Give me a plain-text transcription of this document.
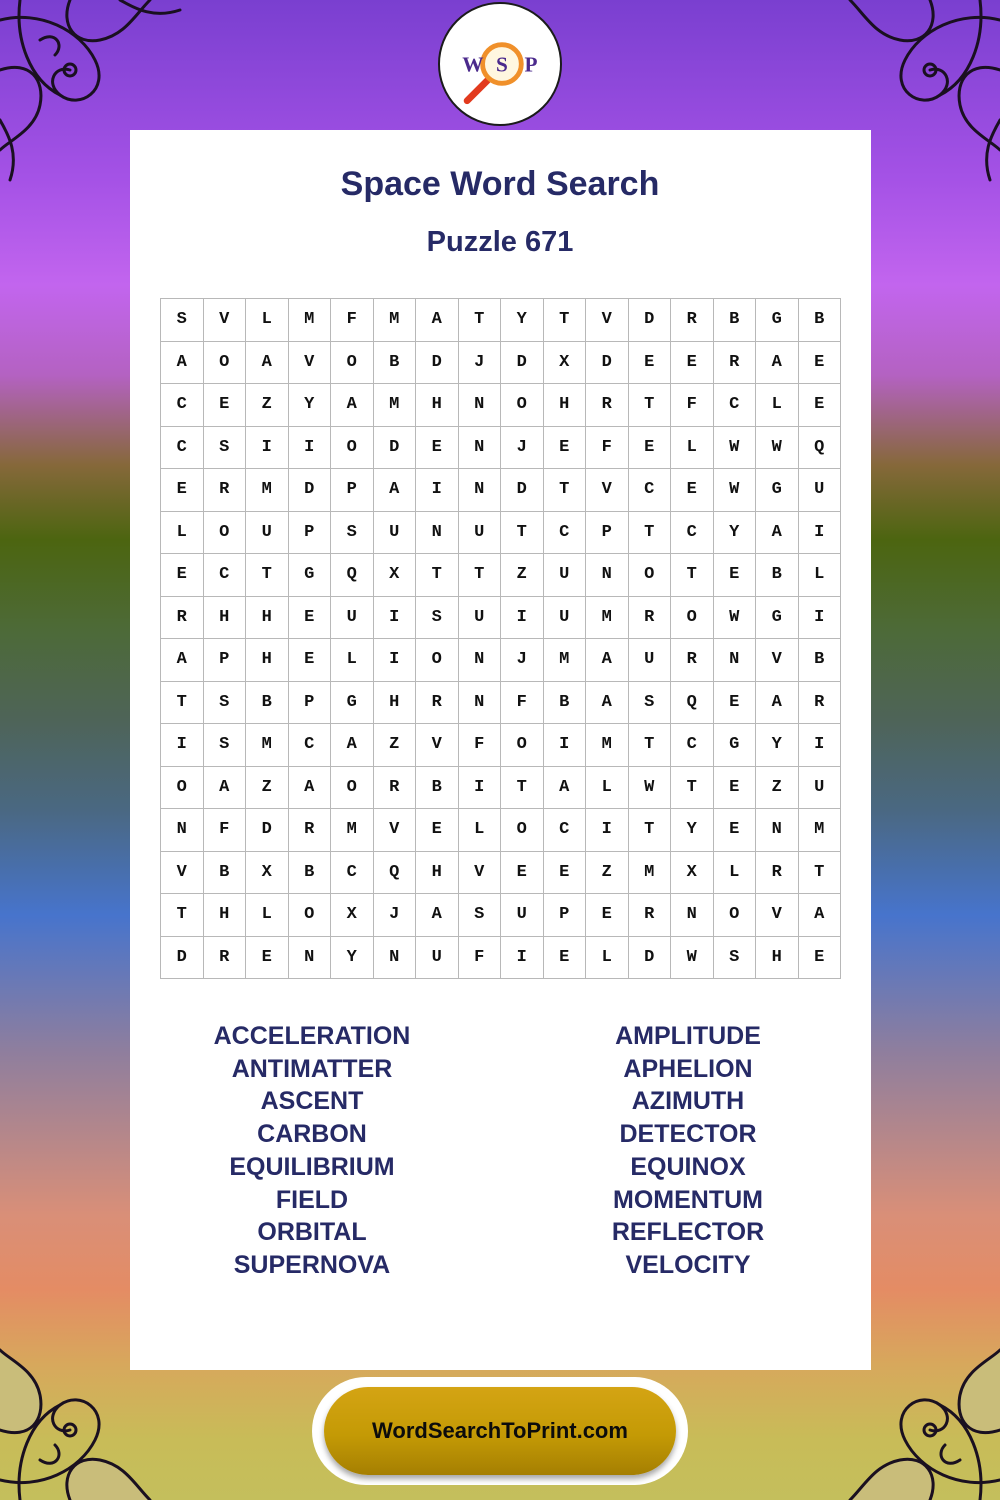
W S P
Space Word Search
Puzzle 671
S	V	L	M	F	M	A	T	Y	T	V	D	R	B	G	B
A	O	A	V	O	B	D	J	D	X	D	E	E	R	A	E
C	E	Z	Y	A	M	H	N	O	H	R	T	F	C	L	E
C	S	I	I	O	D	E	N	J	E	F	E	L	W	W	Q
E	R	M	D	P	A	I	N	D	T	V	C	E	W	G	U
L	O	U	P	S	U	N	U	T	C	P	T	C	Y	A	I
E	C	T	G	Q	X	T	T	Z	U	N	O	T	E	B	L
R	H	H	E	U	I	S	U	I	U	M	R	O	W	G	I
A	P	H	E	L	I	O	N	J	M	A	U	R	N	V	B
T	S	B	P	G	H	R	N	F	B	A	S	Q	E	A	R
I	S	M	C	A	Z	V	F	O	I	M	T	C	G	Y	I
O	A	Z	A	O	R	B	I	T	A	L	W	T	E	Z	U
N	F	D	R	M	V	E	L	O	C	I	T	Y	E	N	M
V	B	X	B	C	Q	H	V	E	E	Z	M	X	L	R	T
T	H	L	O	X	J	A	S	U	P	E	R	N	O	V	A
D	R	E	N	Y	N	U	F	I	E	L	D	W	S	H	E
ACCELERATION
ANTIMATTER
ASCENT
CARBON
EQUILIBRIUM
FIELD
ORBITAL
SUPERNOVA
AMPLITUDE
APHELION
AZIMUTH
DETECTOR
EQUINOX
MOMENTUM
REFLECTOR
VELOCITY
WordSearchToPrint.com
